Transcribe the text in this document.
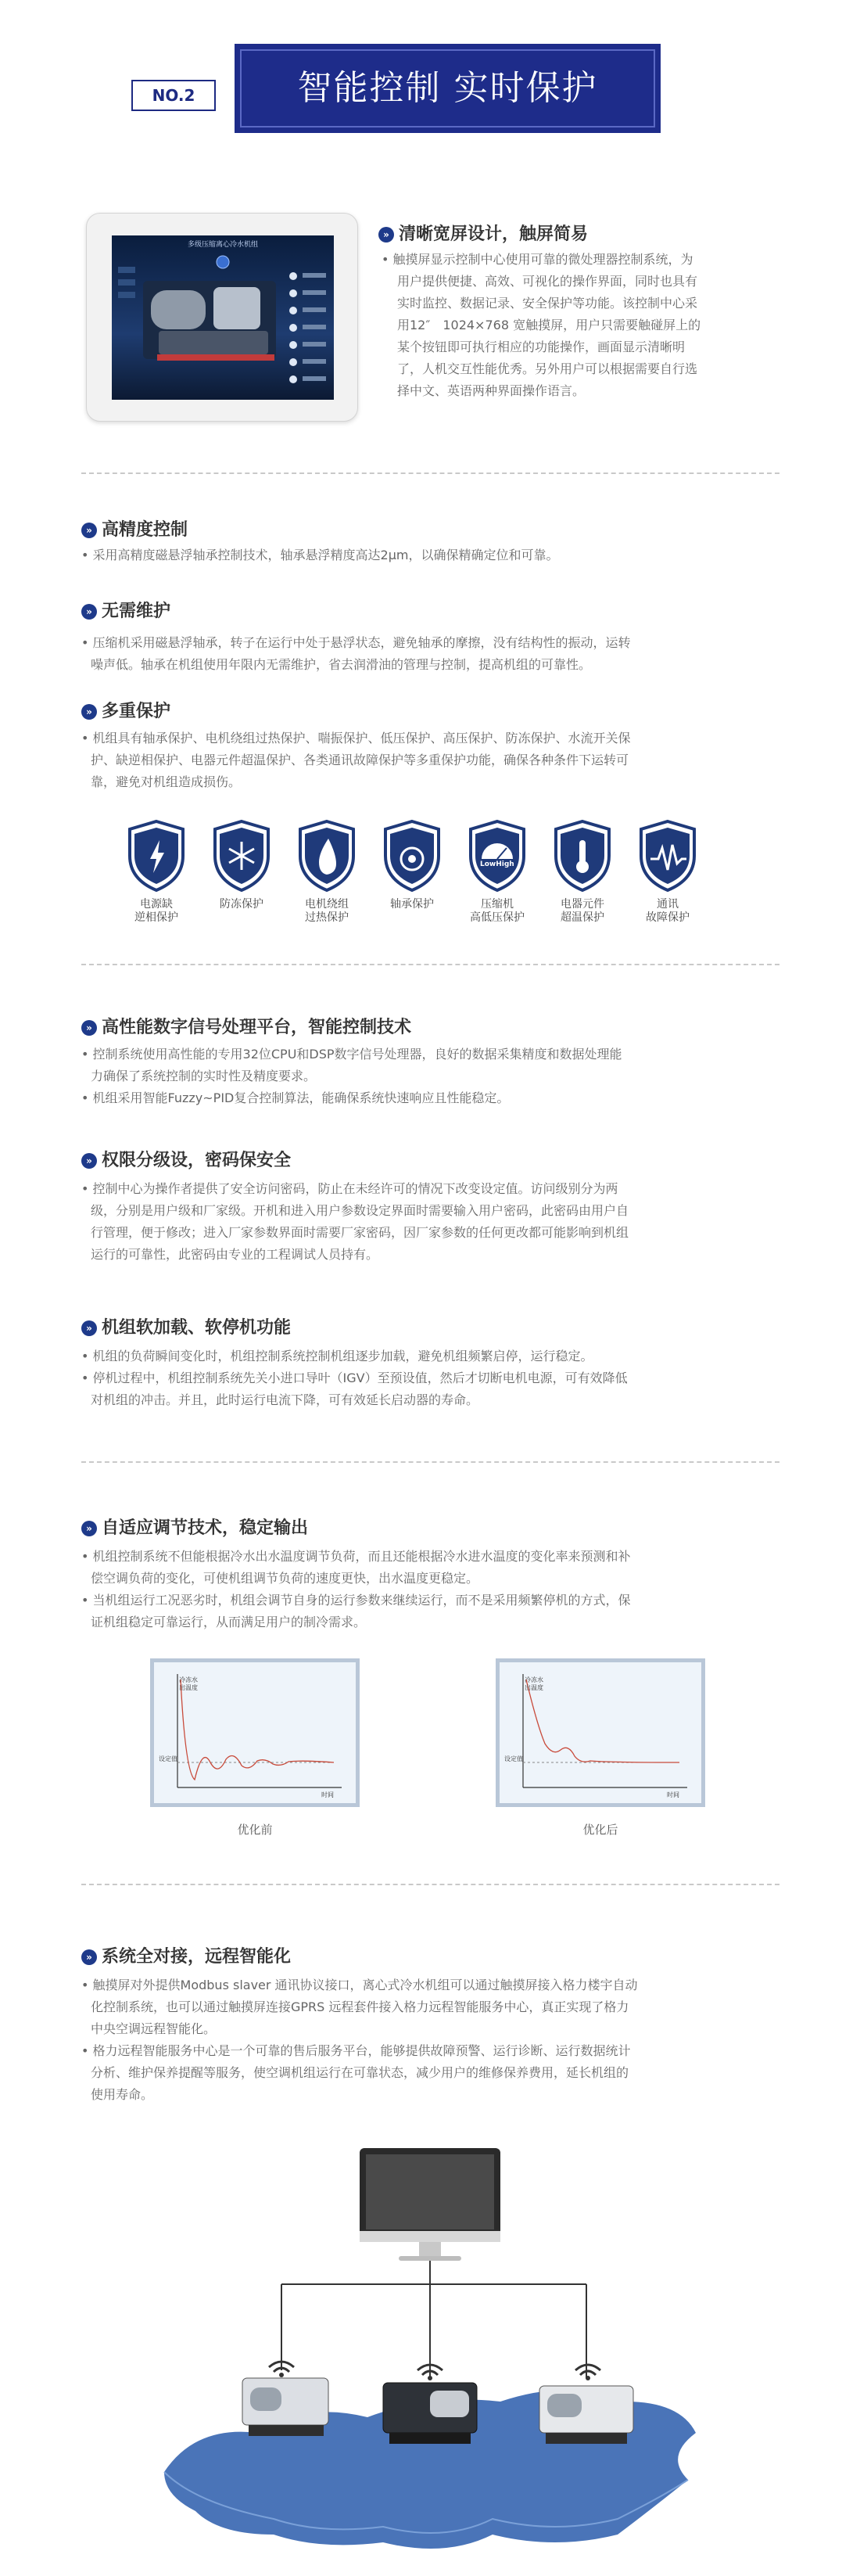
NO.2	智能控制 实时保护
多级压缩离心冷水机组
» 清晰宽屏设计，触屏简易
• 触摸屏显示控制中心使用可靠的微处理器控制系统，为
用户提供便捷、高效、可视化的操作界面，同时也具有
实时监控、数据记录、安全保护等功能。该控制中心采
用12″　1024×768 宽触摸屏，用户只需要触碰屏上的
某个按钮即可执行相应的功能操作，画面显示清晰明
了，人机交互性能优秀。另外用户可以根据需要自行选
择中文、英语两种界面操作语言。
» 高精度控制
• 采用高精度磁悬浮轴承控制技术，轴承悬浮精度高达2μm，以确保精确定位和可靠。
» 无需维护
• 压缩机采用磁悬浮轴承，转子在运行中处于悬浮状态，避免轴承的摩擦，没有结构性的振动，运转
噪声低。轴承在机组使用年限内无需维护，省去润滑油的管理与控制，提高机组的可靠性。
» 多重保护
• 机组具有轴承保护、电机绕组过热保护、喘振保护、低压保护、高压保护、防冻保护、水流开关保
护、缺逆相保护、电器元件超温保护、各类通讯故障保护等多重保护功能，确保各种条件下运转可
靠，避免对机组造成损伤。
LowHigh
电源缺
逆相保护
防冻保护	电机绕组
过热保护
轴承保护	压缩机
高低压保护
电器元件
超温保护
通讯
故障保护
» 高性能数字信号处理平台，智能控制技术
• 控制系统使用高性能的专用32位CPU和DSP数字信号处理器，良好的数据采集精度和数据处理能
力确保了系统控制的实时性及精度要求。
• 机组采用智能Fuzzy~PID复合控制算法，能确保系统快速响应且性能稳定。
» 权限分级设，密码保安全
• 控制中心为操作者提供了安全访问密码，防止在未经许可的情况下改变设定值。访问级别分为两
级，分别是用户级和厂家级。开机和进入用户参数设定界面时需要输入用户密码，此密码由用户自
行管理，便于修改；进入厂家参数界面时需要厂家密码，因厂家参数的任何更改都可能影响到机组
运行的可靠性，此密码由专业的工程调试人员持有。
» 机组软加载、软停机功能
• 机组的负荷瞬间变化时，机组控制系统控制机组逐步加载，避免机组频繁启停，运行稳定。
• 停机过程中，机组控制系统先关小进口导叶（IGV）至预设值，然后才切断电机电源，可有效降低
对机组的冲击。并且，此时运行电流下降，可有效延长启动器的寿命。
» 自适应调节技术，稳定输出
• 机组控制系统不但能根据冷水出水温度调节负荷，而且还能根据冷水进水温度的变化率来预测和补
偿空调负荷的变化，可使机组调节负荷的速度更快，出水温度更稳定。
• 当机组运行工况恶劣时，机组会调节自身的运行参数来继续运行，而不是采用频繁停机的方式，保
证机组稳定可靠运行，从而满足用户的制冷需求。
冷冻水
出温度
设定值
时间
优化前
冷冻水
出温度
设定值
时间
优化后
» 系统全对接，远程智能化
• 触摸屏对外提供Modbus slaver 通讯协议接口，离心式冷水机组可以通过触摸屏接入格力楼宇自动
化控制系统，也可以通过触摸屏连接GPRS 远程套件接入格力远程智能服务中心，真正实现了格力
中央空调远程智能化。
• 格力远程智能服务中心是一个可靠的售后服务平台，能够提供故障预警、运行诊断、运行数据统计
分析、维护保养提醒等服务，使空调机组运行在可靠状态，减少用户的维修保养费用，延长机组的
使用寿命。
